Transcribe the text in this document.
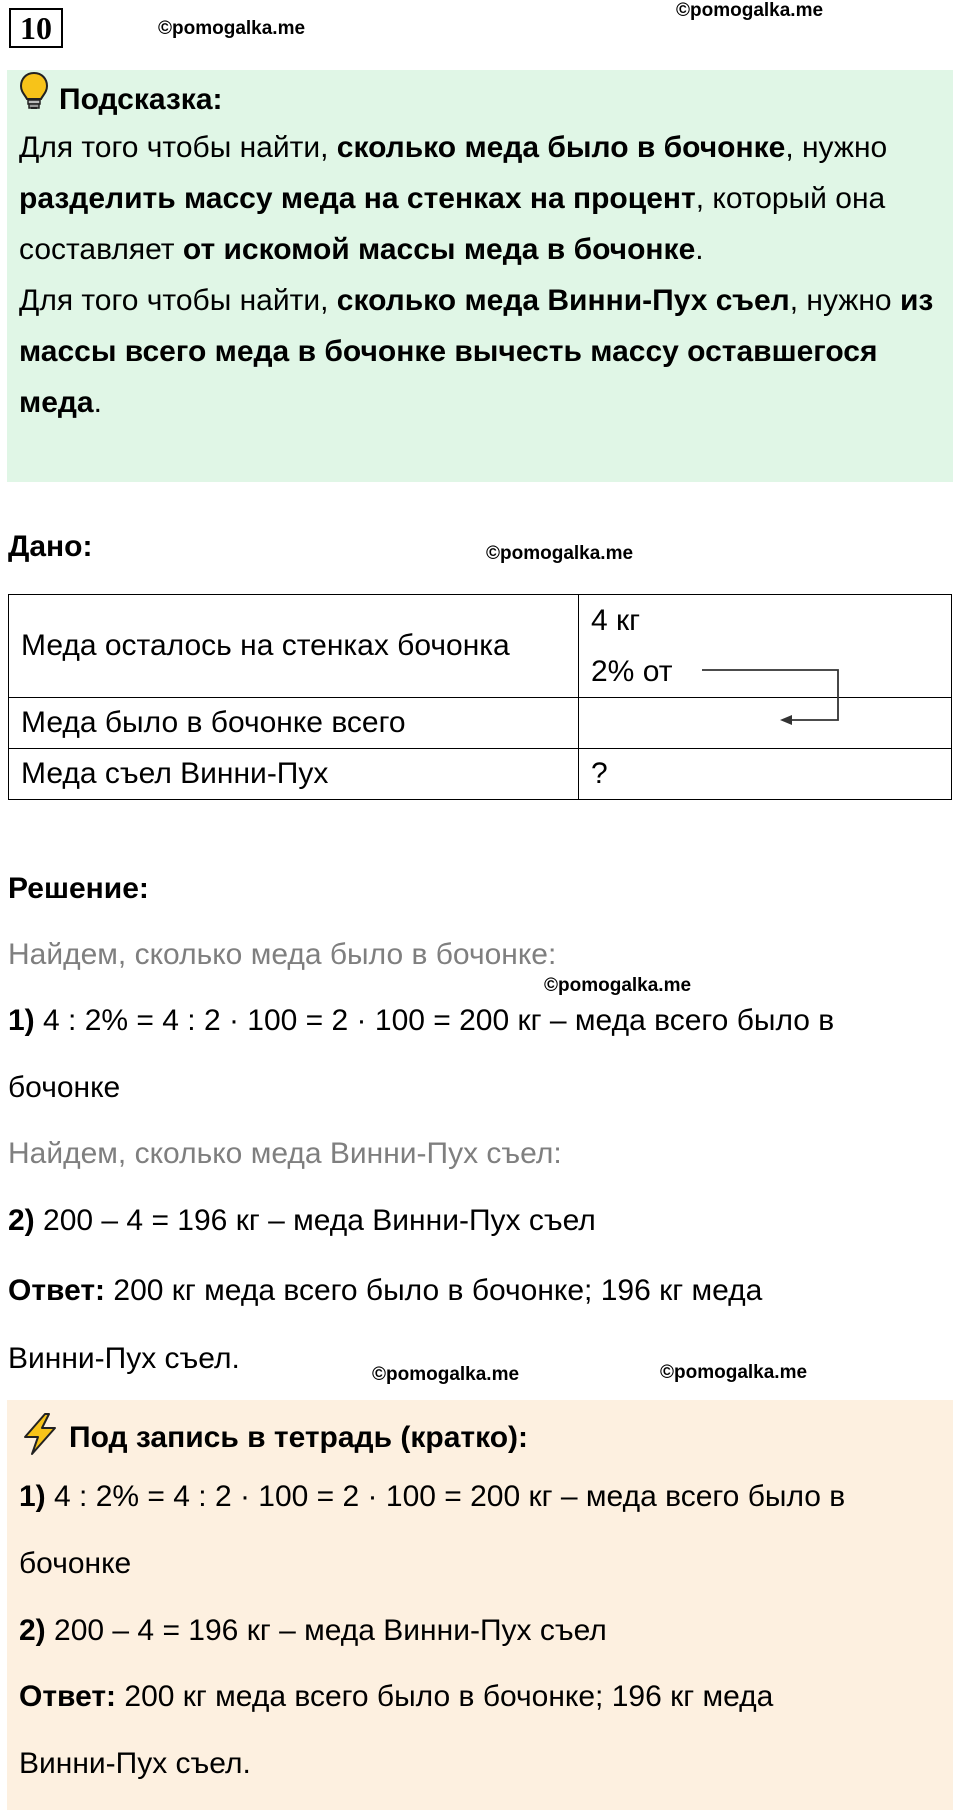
10	©pomogalka.me
©pomogalka.me
Подсказка:

Для того чтобы найти, сколько меда было в бочонке, нужно разделить массу меда на стенках на процент, который она составляет от искомой массы меда в бочонке.

Для того чтобы найти, сколько меда Винни-Пух съел, нужно из массы всего меда в бочонке вычесть массу оставшегося меда.

Дано:	©pomogalka.me
Меда осталось на стенках бочонка	4 кг
2% от

Меда было в бочонке всего	
Меда съел Винни-Пух	?
Решение:
Найдем, сколько меда было в бочонке:
©pomogalka.me
1) 4 : 2% = 4 : 2 · 100 = 2 · 100 = 200 кг – меда всего было в
бочонке
Найдем, сколько меда Винни-Пух съел:
2) 200 – 4 = 196 кг – меда Винни-Пух съел
Ответ: 200 кг меда всего было в бочонке; 196 кг меда
Винни-Пух съел.	©pomogalka.me	©pomogalka.me
Под запись в тетрадь (кратко):
1) 4 : 2% = 4 : 2 · 100 = 2 · 100 = 200 кг – меда всего было в
бочонке
2) 200 – 4 = 196 кг – меда Винни-Пух съел
Ответ: 200 кг меда всего было в бочонке; 196 кг меда
Винни-Пух съел.
